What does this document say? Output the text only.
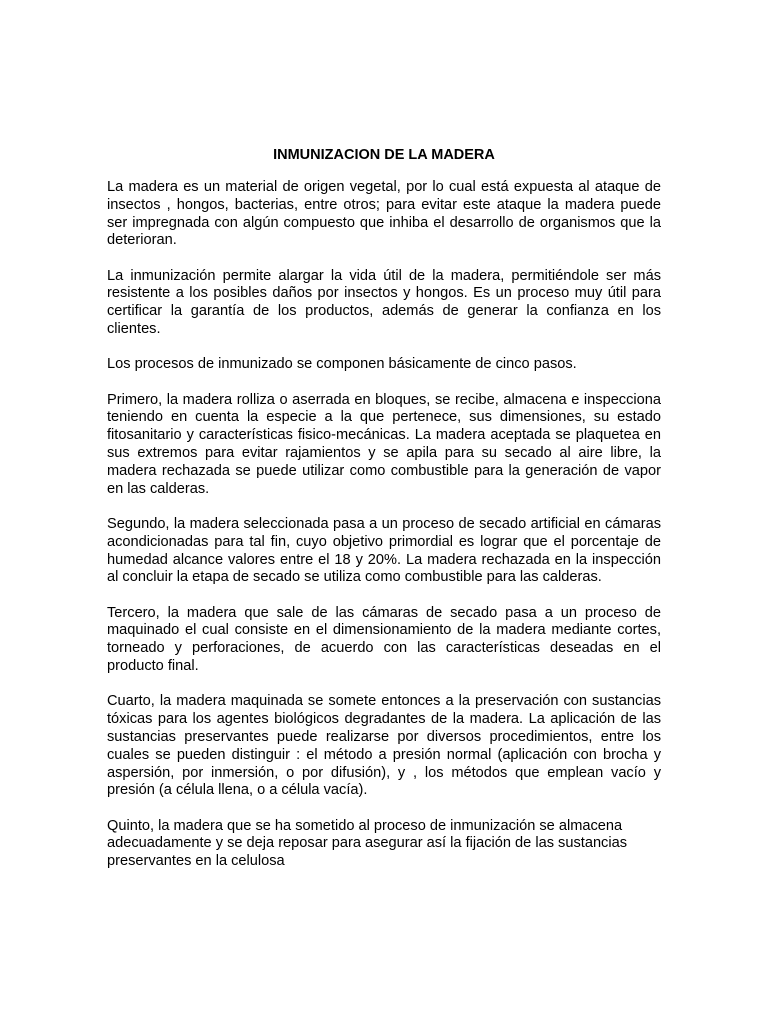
INMUNIZACION DE LA MADERA

La madera es un material de origen vegetal, por lo cual está expuesta al ataque de insectos , hongos, bacterias, entre otros; para evitar este ataque la madera puede ser impregnada con algún compuesto que inhiba el desarrollo de organismos que la deterioran.

La inmunización permite alargar la vida útil de la madera, permitiéndole ser más resistente a los posibles daños por insectos y hongos. Es un proceso muy útil para certificar la garantía de los productos, además de generar la confianza en los clientes.

Los procesos de inmunizado se componen básicamente de cinco pasos.

Primero, la madera rolliza o aserrada en bloques, se recibe, almacena e inspecciona teniendo en cuenta la especie a la que pertenece, sus dimensiones, su estado fitosanitario y características fisico-mecánicas. La madera aceptada se plaquetea en sus extremos para evitar rajamientos y se apila para su secado al aire libre, la madera rechazada se puede utilizar como combustible para la generación de vapor en las calderas.

Segundo, la madera seleccionada pasa a un proceso de secado artificial en cámaras acondicionadas para tal fin, cuyo objetivo primordial es lograr que el porcentaje de humedad alcance valores entre el 18 y 20%. La madera rechazada en la inspección al concluir la etapa de secado se utiliza como combustible para las calderas.

Tercero, la madera que sale de las cámaras de secado pasa a un proceso de maquinado el cual consiste en el dimensionamiento de la madera mediante cortes, torneado y perforaciones, de acuerdo con las características deseadas en el producto final.

Cuarto, la madera maquinada se somete entonces a la preservación con sustancias tóxicas para los agentes biológicos degradantes de la madera. La aplicación de las sustancias preservantes puede realizarse por diversos procedimientos, entre los cuales se pueden distinguir : el método a presión normal (aplicación con brocha y aspersión, por inmersión, o por difusión), y , los métodos que emplean vacío y presión (a célula llena, o a célula vacía).

Quinto, la madera que se ha sometido al proceso de inmunización se almacena adecuadamente y se deja reposar para asegurar así la fijación de las sustancias preservantes en la celulosa
